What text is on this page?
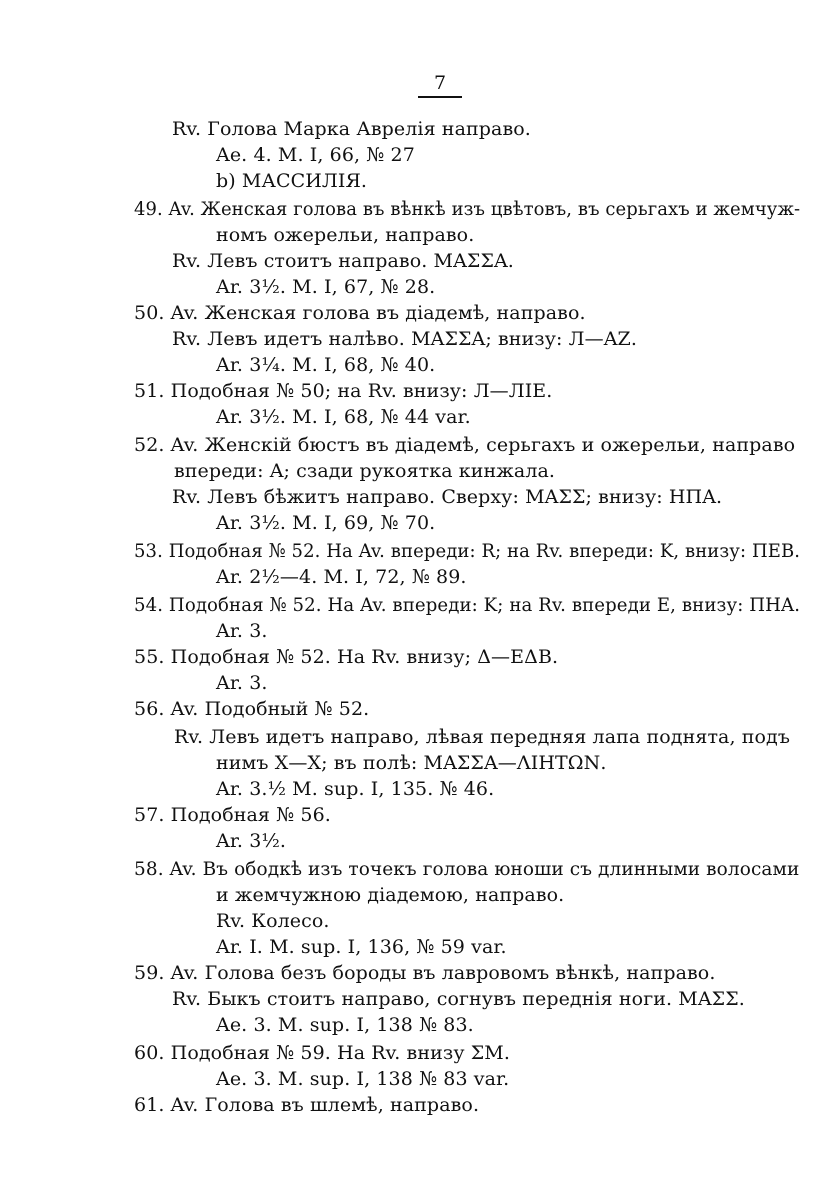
7
Rv. Голова Марка Аврелія направо.
Ae. 4. M. I, 66, № 27
b) МАССИЛІЯ.
49. Av. Женская голова въ вѣнкѣ изъ цвѣтовъ, въ серьгахъ и жемчуж-
номъ ожерельи, направо.
Rv. Левъ стоитъ направо. ΜΑΣΣΑ.
Ar. 3½. M. I, 67, № 28.
50. Av. Женская голова въ діадемѣ, направо.
Rv. Левъ идетъ налѣво. ΜΑΣΣΑ; внизу: Л—ΑΖ.
Ar. 3¼. M. I, 68, № 40.
51. Подобная № 50; на Rv. внизу: Л—ЛΙΕ.
Ar. 3½. M. I, 68, № 44 var.
52. Av. Женскій бюстъ въ діадемѣ, серьгахъ и ожерельи, направо
впереди: A; сзади рукоятка кинжала.
Rv. Левъ бѣжитъ направо. Сверху: ΜΑΣΣ; внизу: ΗΠΑ.
Ar. 3½. M. I, 69, № 70.
53. Подобная № 52. На Av. впереди: R; на Rv. впереди: K, внизу: ΠΕΒ.
Ar. 2½—4. M. I, 72, № 89.
54. Подобная № 52. На Av. впереди: K; на Rv. впереди E, внизу: ΠΗΑ.
Ar. 3.
55. Подобная № 52. На Rv. внизу; Δ—ΕΔΒ.
Ar. 3.
56. Av. Подобный № 52.
Rv. Левъ идетъ направо, лѣвая передняя лапа поднята, подъ
нимъ Χ—Χ; въ полѣ: ΜΑΣΣΑ—ΛΙΗΤΩΝ.
Ar. 3.½ M. sup. I, 135. № 46.
57. Подобная № 56.
Ar. 3½.
58. Av. Въ ободкѣ изъ точекъ голова юноши съ длинными волосами
и жемчужною діадемою, направо.
Rv. Колесо.
Ar. I. M. sup. I, 136, № 59 var.
59. Av. Голова безъ бороды въ лавровомъ вѣнкѣ, направо.
Rv. Быкъ стоитъ направо, согнувъ переднія ноги. ΜΑΣΣ.
Ae. 3. M. sup. I, 138 № 83.
60. Подобная № 59. На Rv. внизу ΣΜ.
Ae. 3. M. sup. I, 138 № 83 var.
61. Av. Голова въ шлемѣ, направо.
